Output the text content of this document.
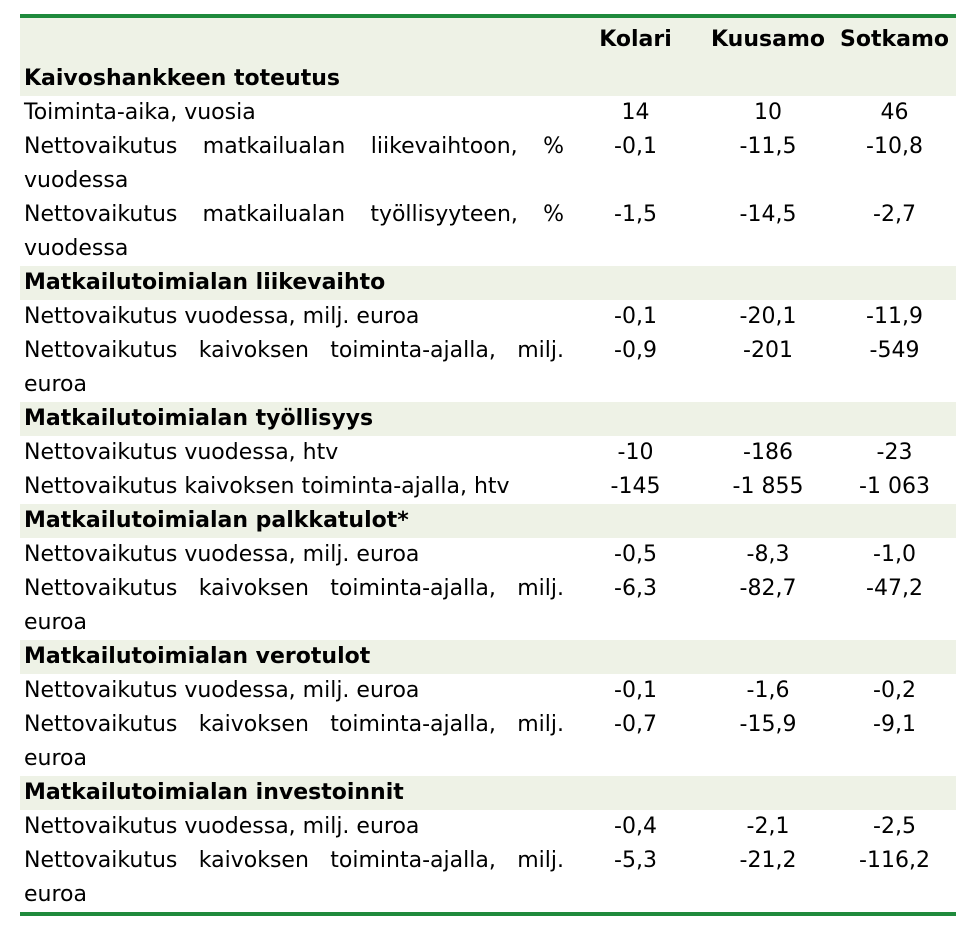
	Kolari	Kuusamo	Sotkamo
Kaivoshankkeen toteutus			
Toiminta-aika, vuosia	14	10	46
Nettovaikutus matkailualan liikevaihtoon, % vuodessa	-0,1	-11,5	-10,8
Nettovaikutus matkailualan työllisyyteen, % vuodessa	-1,5	-14,5	-2,7
Matkailutoimialan liikevaihto			
Nettovaikutus vuodessa, milj. euroa	-0,1	-20,1	-11,9
Nettovaikutus kaivoksen toiminta-ajalla, milj. euroa	-0,9	-201	-549
Matkailutoimialan työllisyys			
Nettovaikutus vuodessa, htv	-10	-186	-23
Nettovaikutus kaivoksen toiminta-ajalla, htv	-145	-1 855	-1 063
Matkailutoimialan palkkatulot*			
Nettovaikutus vuodessa, milj. euroa	-0,5	-8,3	-1,0
Nettovaikutus kaivoksen toiminta-ajalla, milj. euroa	-6,3	-82,7	-47,2
Matkailutoimialan verotulot			
Nettovaikutus vuodessa, milj. euroa	-0,1	-1,6	-0,2
Nettovaikutus kaivoksen toiminta-ajalla, milj. euroa	-0,7	-15,9	-9,1
Matkailutoimialan investoinnit			
Nettovaikutus vuodessa, milj. euroa	-0,4	-2,1	-2,5
Nettovaikutus kaivoksen toiminta-ajalla, milj. euroa	-5,3	-21,2	-116,2
